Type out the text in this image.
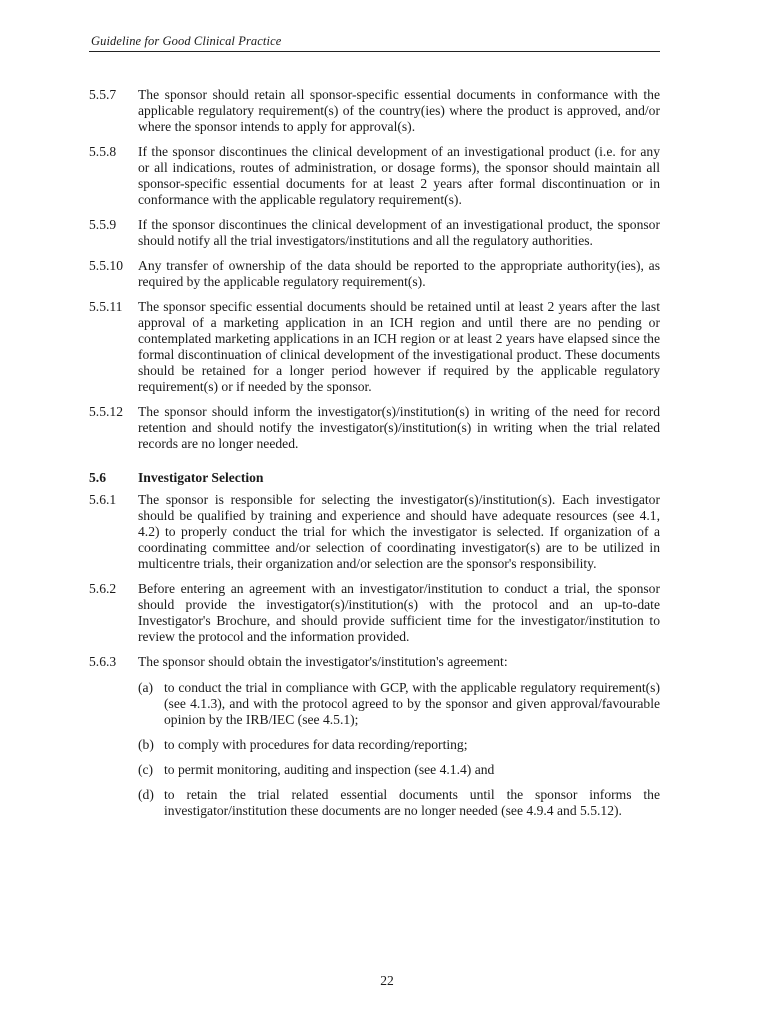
Guideline for Good Clinical Practice
5.5.7	The sponsor should retain all sponsor-specific essential documents in conformance with the applicable regulatory requirement(s) of the country(ies) where the product is approved, and/or where the sponsor intends to apply for approval(s).
5.5.8	If the sponsor discontinues the clinical development of an investigational product (i.e. for any or all indications, routes of administration, or dosage forms), the sponsor should maintain all sponsor-specific essential documents for at least 2 years after formal discontinuation or in conformance with the applicable regulatory requirement(s).
5.5.9	If the sponsor discontinues the clinical development of an investigational product, the sponsor should notify all the trial investigators/institutions and all the regulatory authorities.
5.5.10	Any transfer of ownership of the data should be reported to the appropriate authority(ies), as required by the applicable regulatory requirement(s).
5.5.11	The sponsor specific essential documents should be retained until at least 2 years after the last approval of a marketing application in an ICH region and until there are no pending or contemplated marketing applications in an ICH region or at least 2 years have elapsed since the formal discontinuation of clinical development of the investigational product. These documents should be retained for a longer period however if required by the applicable regulatory requirement(s) or if needed by the sponsor.
5.5.12	The sponsor should inform the investigator(s)/institution(s) in writing of the need for record retention and should notify the investigator(s)/institution(s) in writing when the trial related records are no longer needed.
5.6	Investigator Selection
5.6.1	The sponsor is responsible for selecting the investigator(s)/institution(s). Each investigator should be qualified by training and experience and should have adequate resources (see 4.1, 4.2) to properly conduct the trial for which the investigator is selected. If organization of a coordinating committee and/or selection of coordinating investigator(s) are to be utilized in multicentre trials, their organization and/or selection are the sponsor's responsibility.
5.6.2	Before entering an agreement with an investigator/institution to conduct a trial, the sponsor should provide the investigator(s)/institution(s) with the protocol and an up-to-date Investigator's Brochure, and should provide sufficient time for the investigator/institution to review the protocol and the information provided.
5.6.3	The sponsor should obtain the investigator's/institution's agreement:
(a) to conduct the trial in compliance with GCP, with the applicable regulatory requirement(s) (see 4.1.3), and with the protocol agreed to by the sponsor and given approval/favourable opinion by the IRB/IEC (see 4.5.1);
(b) to comply with procedures for data recording/reporting;
(c) to permit monitoring, auditing and inspection (see 4.1.4) and
(d) to retain the trial related essential documents until the sponsor informs the investigator/institution these documents are no longer needed (see 4.9.4 and 5.5.12).
22
